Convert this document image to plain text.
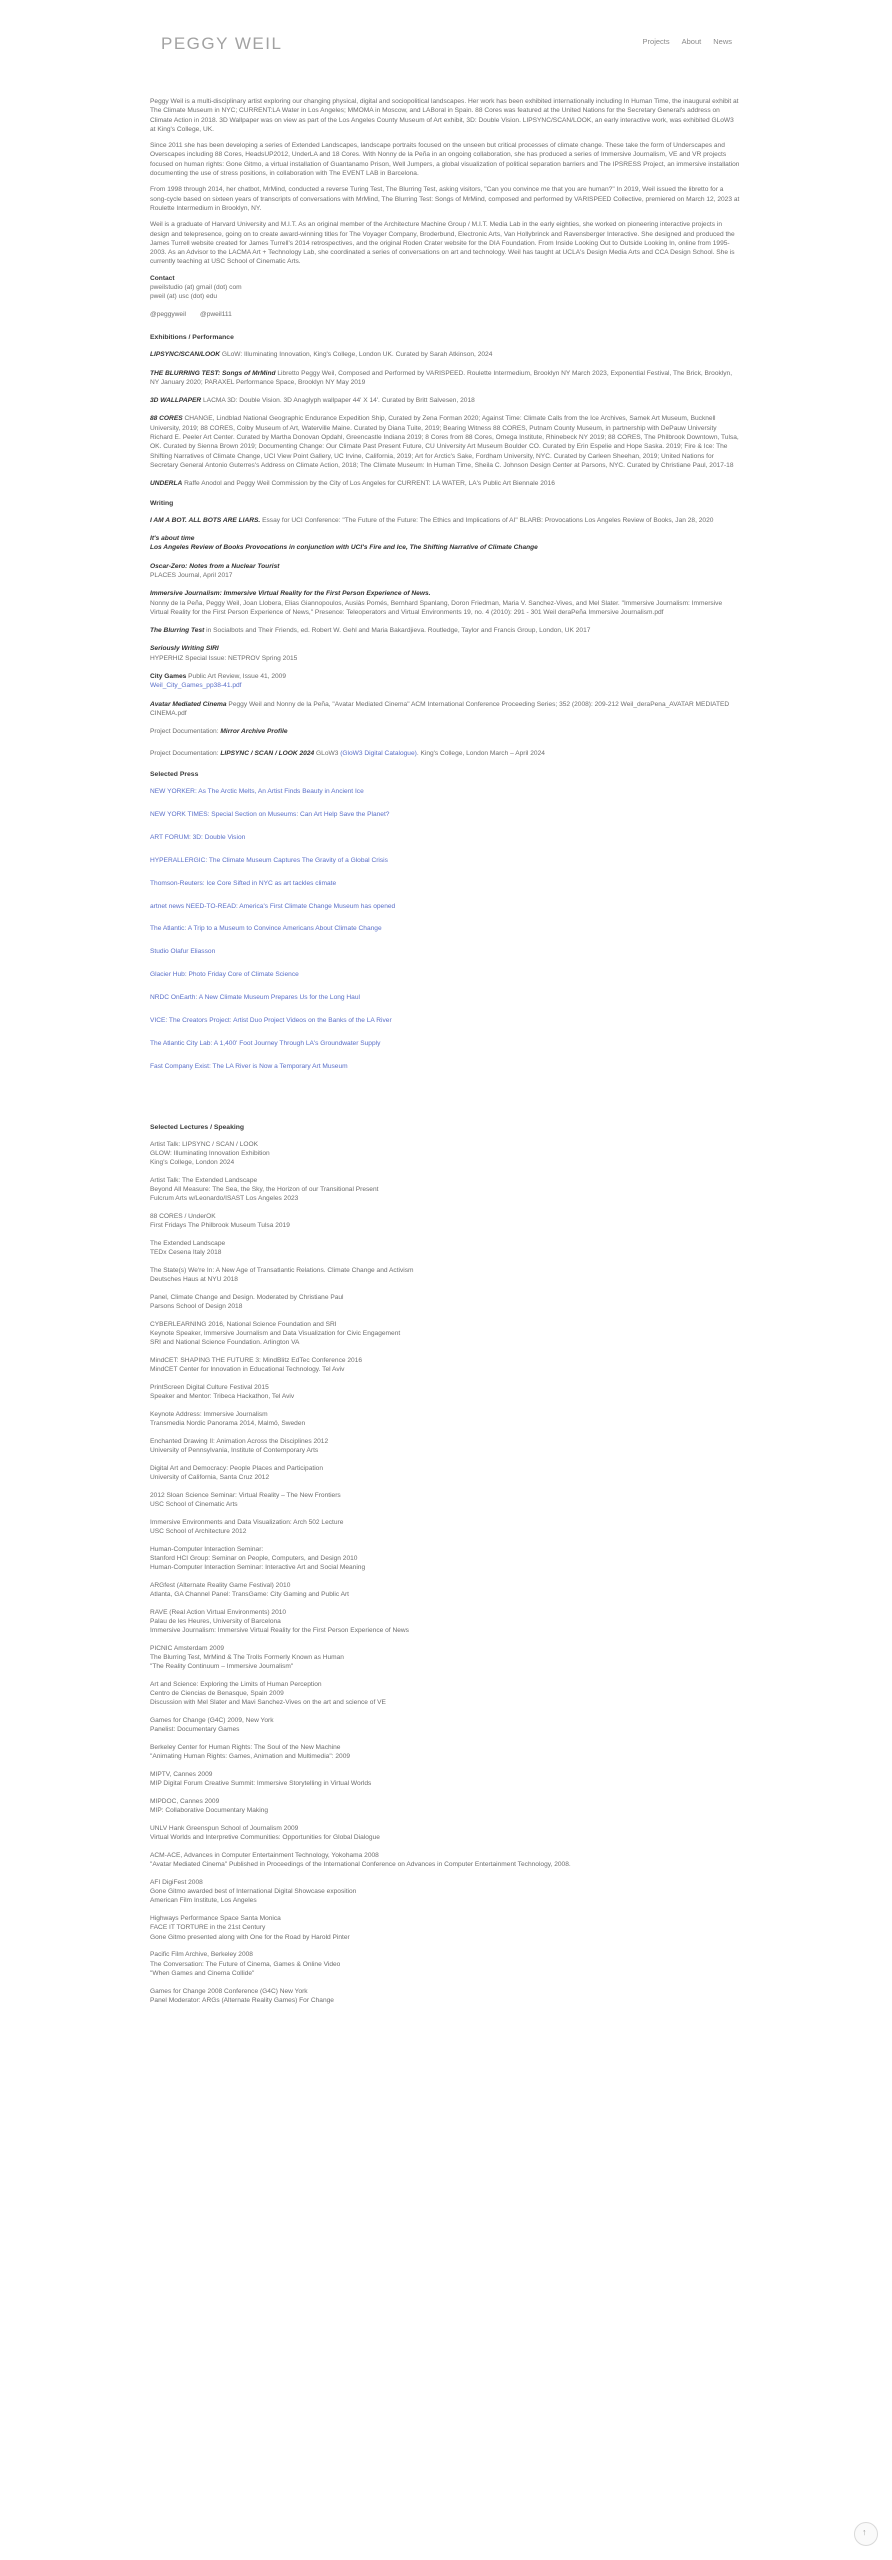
PEGGY WEIL	Projects About News

Peggy Weil is a multi-disciplinary artist exploring our changing physical, digital and sociopolitical landscapes. Her work has been exhibited internationally including In Human Time, the inaugural exhibit at The Climate Museum in NYC; CURRENT:LA Water in Los Angeles; MMOMA in Moscow, and LABoral in Spain. 88 Cores was featured at the United Nations for the Secretary General's address on Climate Action in 2018. 3D Wallpaper was on view as part of the Los Angeles County Museum of Art exhibit, 3D: Double Vision. LIPSYNC/SCAN/LOOK, an early interactive work, was exhibited GLoW3 at King's College, UK.

Since 2011 she has been developing a series of Extended Landscapes, landscape portraits focused on the unseen but critical processes of climate change. These take the form of Underscapes and Overscapes including 88 Cores, HeadsUP2012, UnderLA and 18 Cores. With Nonny de la Peña in an ongoing collaboration, she has produced a series of Immersive Journalism, VE and VR projects focused on human rights: Gone Gitmo, a virtual installation of Guantanamo Prison, Well Jumpers, a global visualization of political separation barriers and The IPSRESS Project, an immersive installation documenting the use of stress positions, in collaboration with The EVENT LAB in Barcelona.

From 1998 through 2014, her chatbot, MrMind, conducted a reverse Turing Test, The Blurring Test, asking visitors, "Can you convince me that you are human?" In 2019, Weil issued the libretto for a song-cycle based on sixteen years of transcripts of conversations with MrMind, The Blurring Test: Songs of MrMind, composed and performed by VARISPEED Collective, premiered on March 12, 2023 at Roulette Intermedium in Brooklyn, NY.

Weil is a graduate of Harvard University and M.I.T. As an original member of the Architecture Machine Group / M.I.T. Media Lab in the early eighties, she worked on pioneering interactive projects in design and telepresence, going on to create award-winning titles for The Voyager Company, Broderbund, Electronic Arts, Van Hollybrinck and Ravensberger Interactive. She designed and produced the James Turrell website created for James Turrell's 2014 retrospectives, and the original Roden Crater website for the DIA Foundation. From Inside Looking Out to Outside Looking In, online from 1995-2003. As an Advisor to the LACMA Art + Technology Lab, she coordinated a series of conversations on art and technology. Weil has taught at UCLA's Design Media Arts and CCA Design School. She is currently teaching at USC School of Cinematic Arts.

Contact
pweilstudio (at) gmail (dot) com
pweil (at) usc (dot) edu
@peggyweil @pweil111
Exhibitions / Performance
LIPSYNC/SCAN/LOOK GLoW: Illuminating Innovation, King's College, London UK. Curated by Sarah Atkinson, 2024
THE BLURRING TEST: Songs of MrMind Libretto Peggy Weil, Composed and Performed by VARISPEED. Roulette Intermedium, Brooklyn NY March 2023, Exponential Festival, The Brick, Brooklyn, NY January 2020; PARAXEL Performance Space, Brooklyn NY May 2019
3D WALLPAPER LACMA 3D: Double Vision. 3D Anaglyph wallpaper 44' X 14'. Curated by Britt Salvesen, 2018
88 CORES CHANGE, Lindblad National Geographic Endurance Expedition Ship, Curated by Zena Forman 2020; Against Time: Climate Calls from the Ice Archives, Samek Art Museum, Bucknell University, 2019; 88 CORES, Colby Museum of Art, Waterville Maine. Curated by Diana Tuite, 2019; Bearing Witness 88 CORES, Putnam County Museum, in partnership with DePauw University Richard E. Peeler Art Center. Curated by Martha Donovan Opdahl, Greencastle Indiana 2019; 8 Cores from 88 Cores, Omega Institute, Rhinebeck NY 2019; 88 CORES, The Philbrook Downtown, Tulsa, OK. Curated by Sienna Brown 2019; Documenting Change: Our Climate Past Present Future, CU University Art Museum Boulder CO. Curated by Erin Espelie and Hope Saska. 2019; Fire & Ice: The Shifting Narratives of Climate Change, UCI View Point Gallery, UC Irvine, California, 2019; Art for Arctic's Sake, Fordham University, NYC. Curated by Carleen Sheehan, 2019; United Nations for Secretary General Antonio Guterres's Address on Climate Action, 2018; The Climate Museum: In Human Time, Sheila C. Johnson Design Center at Parsons, NYC. Curated by Christiane Paul, 2017-18
UNDERLA Raffe Anodol and Peggy Weil Commission by the City of Los Angeles for CURRENT: LA WATER, LA's Public Art Biennale 2016
Writing
I AM A BOT. ALL BOTS ARE LIARS. Essay for UCI Conference: "The Future of the Future: The Ethics and Implications of AI" BLARB: Provocations Los Angeles Review of Books, Jan 28, 2020
It's about time
Los Angeles Review of Books Provocations in conjunction with UCI's Fire and Ice, The Shifting Narrative of Climate Change
Oscar-Zero: Notes from a Nuclear Tourist
PLACES Journal, April 2017
Immersive Journalism: Immersive Virtual Reality for the First Person Experience of News.
Nonny de la Peña, Peggy Weil, Joan Llobera, Elias Giannopoulos, Ausiàs Pomés, Bernhard Spanlang, Doron Friedman, Maria V. Sanchez-Vives, and Mel Slater. "Immersive Journalism: Immersive Virtual Reality for the First Person Experience of News," Presence: Teleoperators and Virtual Environments 19, no. 4 (2010): 291 - 301 Weil deraPeña Immersive Journalism.pdf
The Blurring Test in Socialbots and Their Friends, ed. Robert W. Gehl and Maria Bakardjieva. Routledge, Taylor and Francis Group, London, UK 2017
Seriously Writing SIRI
HYPERHIZ Special Issue: NETPROV Spring 2015
City Games Public Art Review, Issue 41, 2009
Weil_City_Games_pp38-41.pdf
Avatar Mediated Cinema Peggy Weil and Nonny de la Peña, "Avatar Mediated Cinema" ACM International Conference Proceeding Series; 352 (2008): 209-212 Weil_deraPena_AVATAR MEDIATED CINEMA.pdf
Project Documentation: Mirror Archive Profile
Project Documentation: LIPSYNC / SCAN / LOOK 2024 GLoW3 (GloW3 Digital Catalogue). King's College, London March – April 2024
Selected Press
NEW YORKER: As The Arctic Melts, An Artist Finds Beauty in Ancient Ice
NEW YORK TIMES: Special Section on Museums: Can Art Help Save the Planet?
ART FORUM: 3D: Double Vision
HYPERALLERGIC: The Climate Museum Captures The Gravity of a Global Crisis
Thomson-Reuters: Ice Core Sifted in NYC as art tackles climate
artnet news NEED-TO-READ: America's First Climate Change Museum has opened
The Atlantic: A Trip to a Museum to Convince Americans About Climate Change
Studio Olafur Eliasson
Glacier Hub: Photo Friday Core of Climate Science
NRDC OnEarth: A New Climate Museum Prepares Us for the Long Haul
VICE: The Creators Project: Artist Duo Project Videos on the Banks of the LA River
The Atlantic City Lab: A 1,400' Foot Journey Through LA's Groundwater Supply
Fast Company Exist: The LA River is Now a Temporary Art Museum
Selected Lectures / Speaking
Artist Talk: LIPSYNC / SCAN / LOOK
GLOW: Illuminating Innovation Exhibition
King's College, London 2024
Artist Talk: The Extended Landscape
Beyond All Measure: The Sea, the Sky, the Horizon of our Transitional Present
Fulcrum Arts w/Leonardo/ISAST Los Angeles 2023
88 CORES / UnderOK
First Fridays The Philbrook Museum Tulsa 2019
The Extended Landscape
TEDx Cesena Italy 2018
The State(s) We're In: A New Age of Transatlantic Relations. Climate Change and Activism
Deutsches Haus at NYU 2018
Panel, Climate Change and Design. Moderated by Christiane Paul
Parsons School of Design 2018
CYBERLEARNING 2016, National Science Foundation and SRI
Keynote Speaker, Immersive Journalism and Data Visualization for Civic Engagement
SRI and National Science Foundation. Arlington VA
MindCET: SHAPING THE FUTURE 3: MindBlitz EdTec Conference 2016
MindCET Center for Innovation in Educational Technology. Tel Aviv
PrintScreen Digital Culture Festival 2015
Speaker and Mentor: Tribeca Hackathon, Tel Aviv
Keynote Address: Immersive Journalism
Transmedia Nordic Panorama 2014, Malmö, Sweden
Enchanted Drawing II: Animation Across the Disciplines 2012
University of Pennsylvania, Institute of Contemporary Arts
Digital Art and Democracy: People Places and Participation
University of California, Santa Cruz 2012
2012 Sloan Science Seminar: Virtual Reality – The New Frontiers
USC School of Cinematic Arts
Immersive Environments and Data Visualization: Arch 502 Lecture
USC School of Architecture 2012
Human-Computer Interaction Seminar:
Stanford HCI Group: Seminar on People, Computers, and Design 2010
Human-Computer Interaction Seminar: Interactive Art and Social Meaning
ARGfest (Alternate Reality Game Festival) 2010
Atlanta, GA Channel Panel: TransGame: City Gaming and Public Art
RAVE (Real Action Virtual Environments) 2010
Palau de les Heures, University of Barcelona
Immersive Journalism: Immersive Virtual Reality for the First Person Experience of News
PICNIC Amsterdam 2009
The Blurring Test, MrMind & The Trolls Formerly Known as Human
"The Reality Continuum – Immersive Journalism"
Art and Science: Exploring the Limits of Human Perception
Centro de Ciencias de Benasque, Spain 2009
Discussion with Mel Slater and Mavi Sanchez-Vives on the art and science of VE
Games for Change (G4C) 2009, New York
Panelist: Documentary Games
Berkeley Center for Human Rights: The Soul of the New Machine
"Animating Human Rights: Games, Animation and Multimedia": 2009
MIPTV, Cannes 2009
MIP Digital Forum Creative Summit: Immersive Storytelling in Virtual Worlds
MIPDOC, Cannes 2009
MIP: Collaborative Documentary Making
UNLV Hank Greenspun School of Journalism 2009
Virtual Worlds and Interpretive Communities: Opportunities for Global Dialogue
ACM-ACE, Advances in Computer Entertainment Technology, Yokohama 2008
"Avatar Mediated Cinema" Published in Proceedings of the International Conference on Advances in Computer Entertainment Technology, 2008.
AFI DigiFest 2008
Gone Gitmo awarded best of International Digital Showcase exposition
American Film Institute, Los Angeles
Highways Performance Space Santa Monica
FACE IT TORTURE in the 21st Century
Gone Gitmo presented along with One for the Road by Harold Pinter
Pacific Film Archive, Berkeley 2008
The Conversation: The Future of Cinema, Games & Online Video
"When Games and Cinema Collide"
Games for Change 2008 Conference (G4C) New York
Panel Moderator: ARGs (Alternate Reality Games) For Change
↑
